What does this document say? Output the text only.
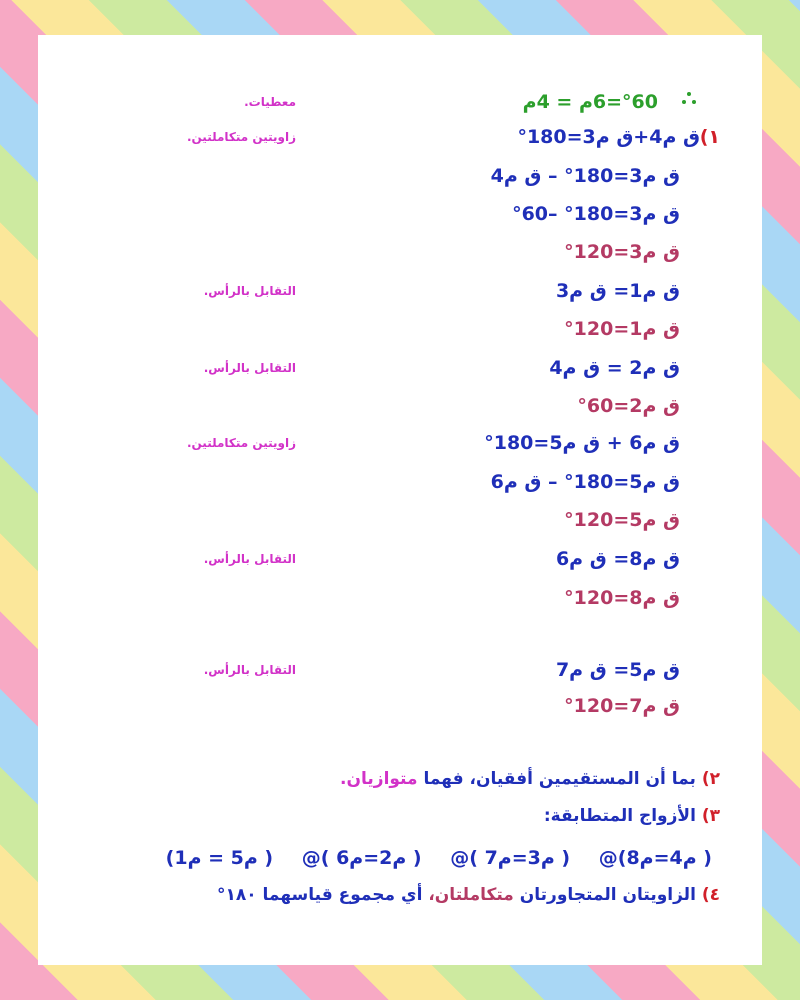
°60=6م = 4م
معطيات.
١)
ق م4+ق م3=180°
زاويتين متكاملتين.
ق م3=180° – ق م4
ق م3=180° –60°
ق م3=120°
ق م1= ق م3
التقابل بالرأس.
ق م1=120°
ق م2 = ق م4
التقابل بالرأس.
ق م2=60°
ق م6 + ق م5=180°
زاويتين متكاملتين.
ق م5=180° – ق م6
ق م5=120°
ق م8= ق م6
التقابل بالرأس.
ق م8=120°
ق م5= ق م7
التقابل بالرأس.
ق م7=120°
٢) بما أن المستقيمين أفقيان، فهما متوازيان.
٣) الأزواج المتطابقة:
( م4=م8)@ ( م3=م7 )@ ( م2=م6 )@ ( م5 = م1)
٤) الزاويتان المتجاورتان متكاملتان، أي مجموع قياسهما ١٨٠°
